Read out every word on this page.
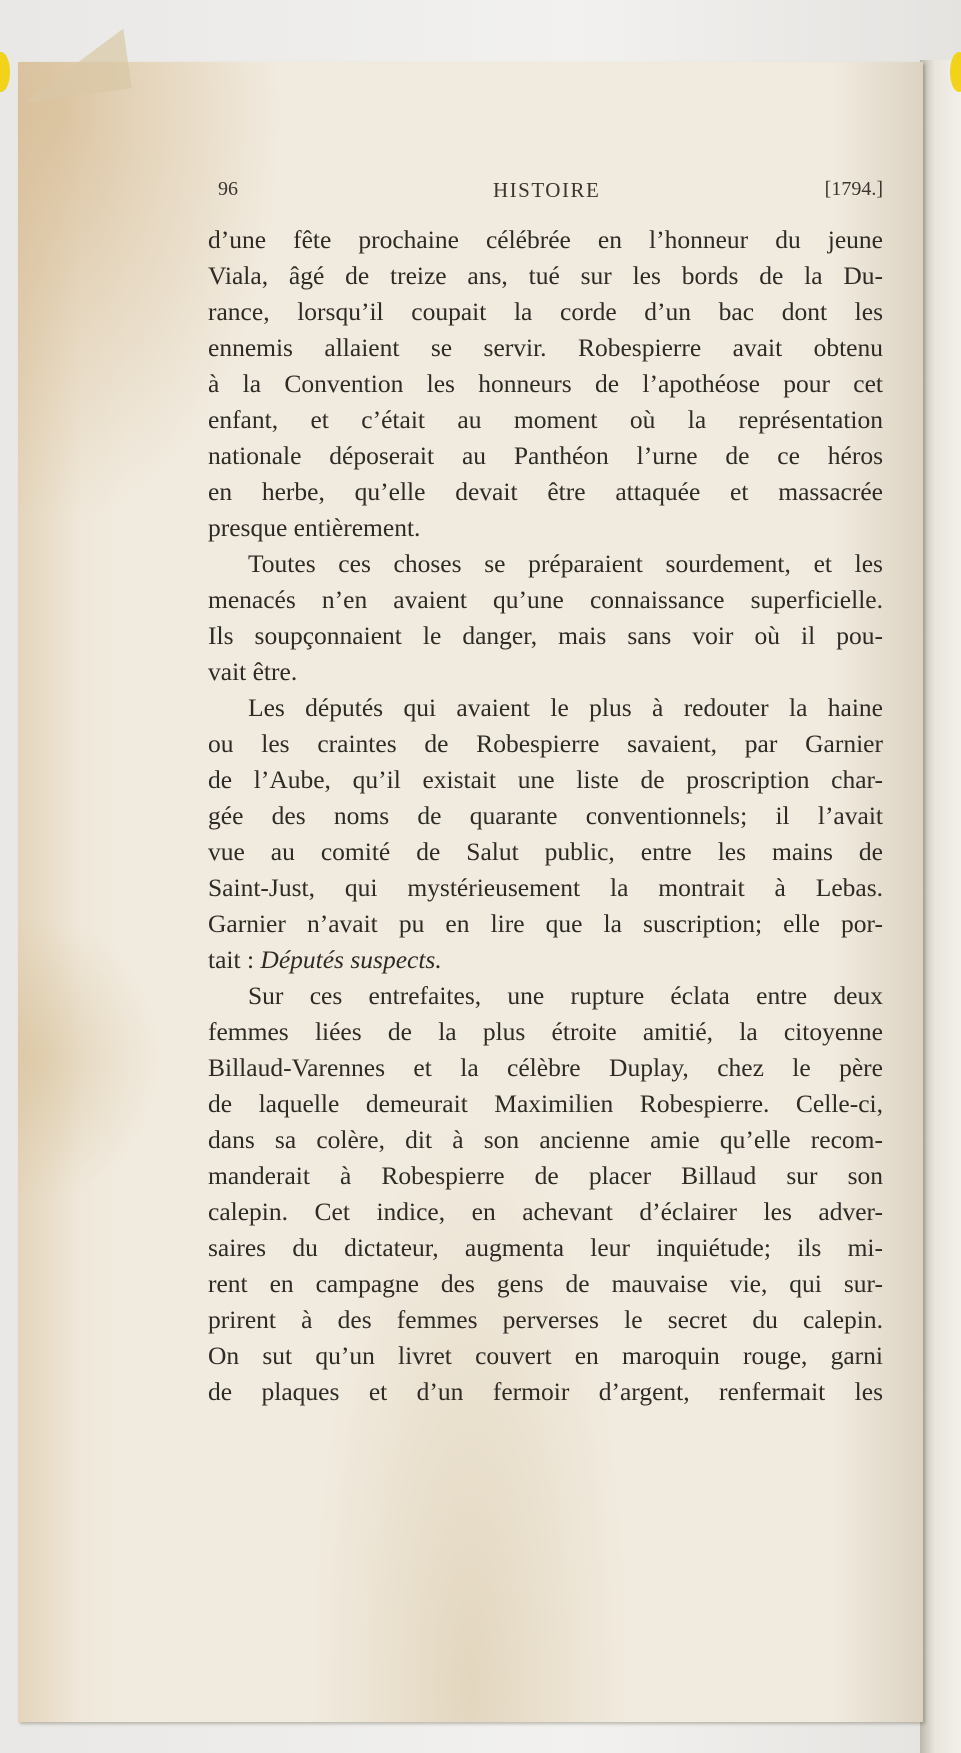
96	HISTOIRE	[1794.]
d’une fête prochaine célébrée en l’honneur du jeune
Viala, âgé de treize ans, tué sur les bords de la Du-
rance, lorsqu’il coupait la corde d’un bac dont les
ennemis allaient se servir. Robespierre avait obtenu
à la Convention les honneurs de l’apothéose pour cet
enfant, et c’était au moment où la représentation
nationale déposerait au Panthéon l’urne de ce héros
en herbe, qu’elle devait être attaquée et massacrée
presque entièrement.
Toutes ces choses se préparaient sourdement, et les
menacés n’en avaient qu’une connaissance superficielle.
Ils soupçonnaient le danger, mais sans voir où il pou-
vait être.
Les députés qui avaient le plus à redouter la haine
ou les craintes de Robespierre savaient, par Garnier
de l’Aube, qu’il existait une liste de proscription char-
gée des noms de quarante conventionnels; il l’avait
vue au comité de Salut public, entre les mains de
Saint-Just, qui mystérieusement la montrait à Lebas.
Garnier n’avait pu en lire que la suscription; elle por-
tait : Députés suspects.
Sur ces entrefaites, une rupture éclata entre deux
femmes liées de la plus étroite amitié, la citoyenne
Billaud-Varennes et la célèbre Duplay, chez le père
de laquelle demeurait Maximilien Robespierre. Celle-ci,
dans sa colère, dit à son ancienne amie qu’elle recom-
manderait à Robespierre de placer Billaud sur son
calepin. Cet indice, en achevant d’éclairer les adver-
saires du dictateur, augmenta leur inquiétude; ils mi-
rent en campagne des gens de mauvaise vie, qui sur-
prirent à des femmes perverses le secret du calepin.
On sut qu’un livret couvert en maroquin rouge, garni
de plaques et d’un fermoir d’argent, renfermait les
